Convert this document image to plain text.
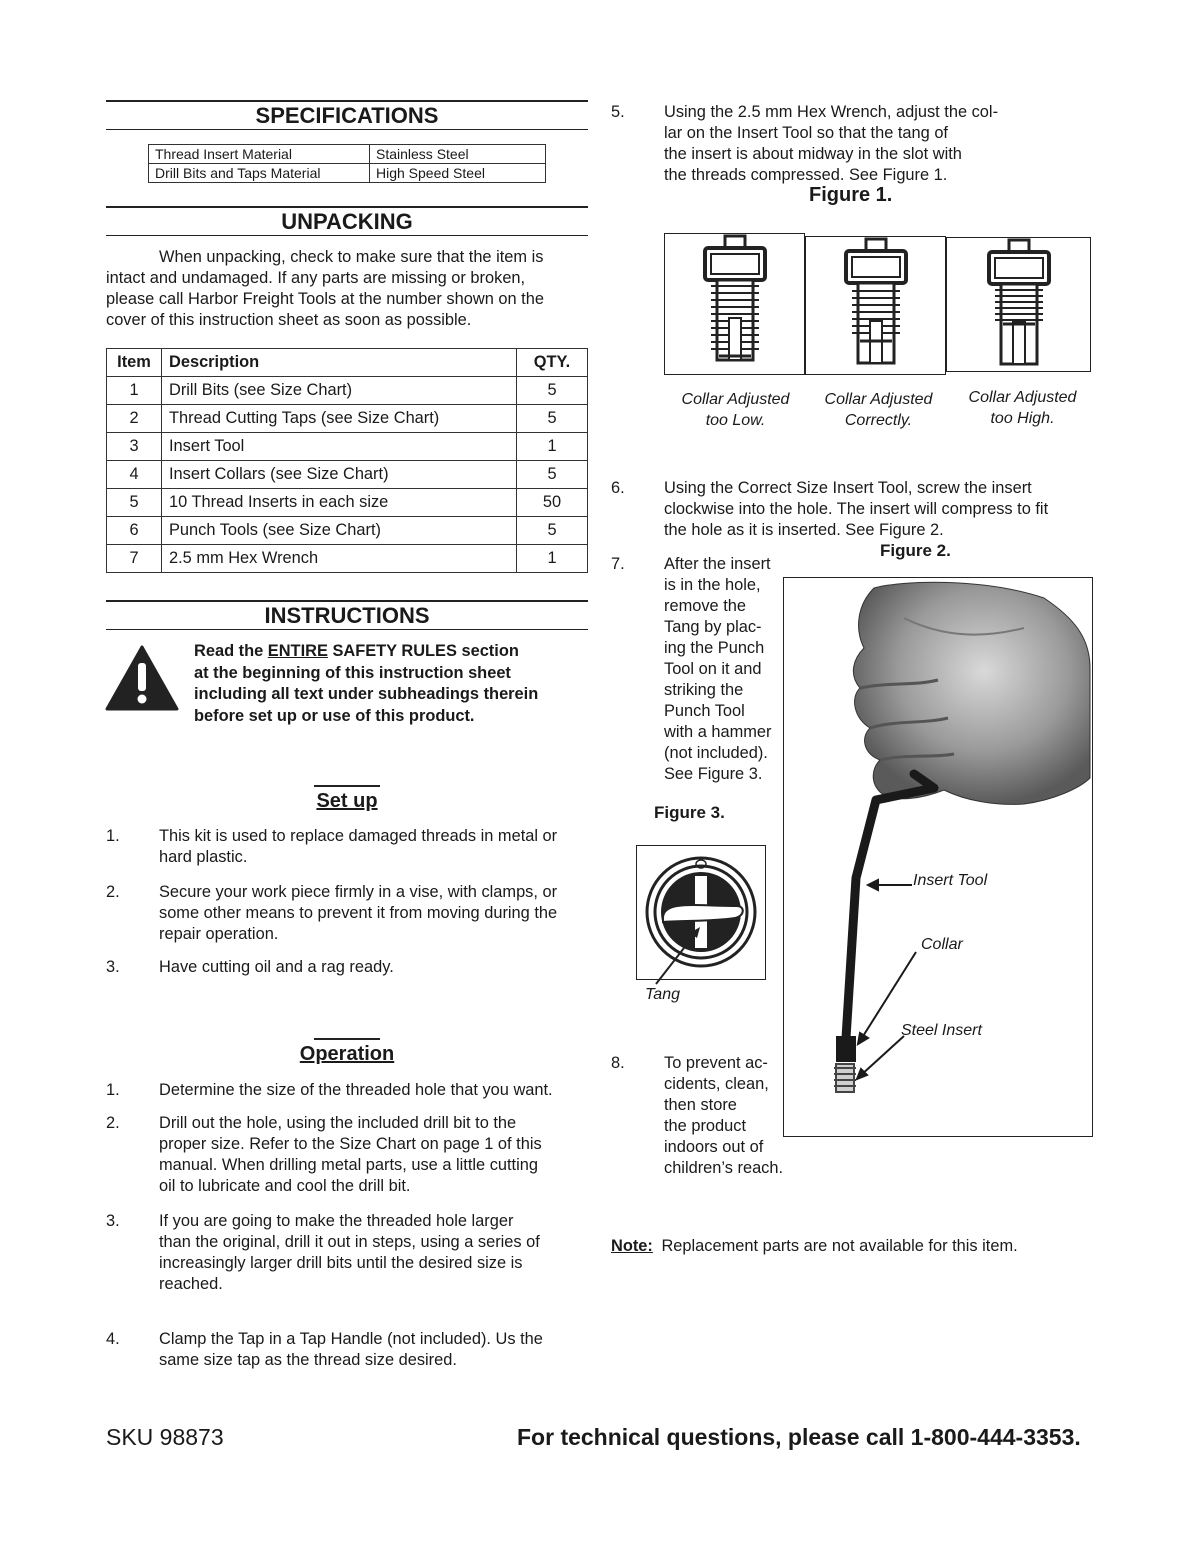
SPECIFICATIONS
Thread Insert Material	Stainless Steel
Drill Bits and Taps Material	High Speed Steel
UNPACKING
When unpacking, check to make sure that the item is
intact and undamaged. If any parts are missing or broken,
please call Harbor Freight Tools at the number shown on the
cover of this instruction sheet as soon as possible.
Item	Description	QTY.
1	Drill Bits (see Size Chart)	5
2	Thread Cutting Taps (see Size Chart)	5
3	Insert Tool	1
4	Insert Collars (see Size Chart)	5
5	10 Thread Inserts in each size	50
6	Punch Tools (see Size Chart)	5
7	2.5 mm Hex Wrench	1
INSTRUCTIONS
Read the ENTIRE SAFETY RULES section
at the beginning of this instruction sheet
including all text under subheadings therein
before set up or use of this product.
Set up
1. This kit is used to replace damaged threads in metal or
hard plastic.
2. Secure your work piece firmly in a vise, with clamps, or
some other means to prevent it from moving during the
repair operation.
3. Have cutting oil and a rag ready.
Operation
1. Determine the size of the threaded hole that you want.
2. Drill out the hole, using the included drill bit to the
proper size. Refer to the Size Chart on page 1 of this
manual. When drilling metal parts, use a little cutting
oil to lubricate and cool the drill bit.
3. If you are going to make the threaded hole larger
than the original, drill it out in steps, using a series of
increasingly larger drill bits until the desired size is
reached.
4. Clamp the Tap in a Tap Handle (not included). Us the
same size tap as the thread size desired.
5. Using the 2.5 mm Hex Wrench, adjust the col-
lar on the Insert Tool so that the tang of
the insert is about midway in the slot with
the threads compressed. See Figure 1.
Figure 1.
Collar Adjusted
too Low.
Collar Adjusted
Correctly.
Collar Adjusted
too High.
6. Using the Correct Size Insert Tool, screw the insert
clockwise into the hole. The insert will compress to fit
the hole as it is inserted. See Figure 2.
Figure 2.
7. After the insert
is in the hole,
remove the
Tang by plac-
ing the Punch
Tool on it and
striking the
Punch Tool
with a hammer
(not included).
See Figure 3.
Insert Tool
Collar
Steel Insert
Figure 3.
Tang
8. To prevent ac-
cidents, clean,
then store
the product
indoors out of
children’s reach.
Note: Replacement parts are not available for this item.
SKU 98873	For technical questions, please call 1-800-444-3353.
